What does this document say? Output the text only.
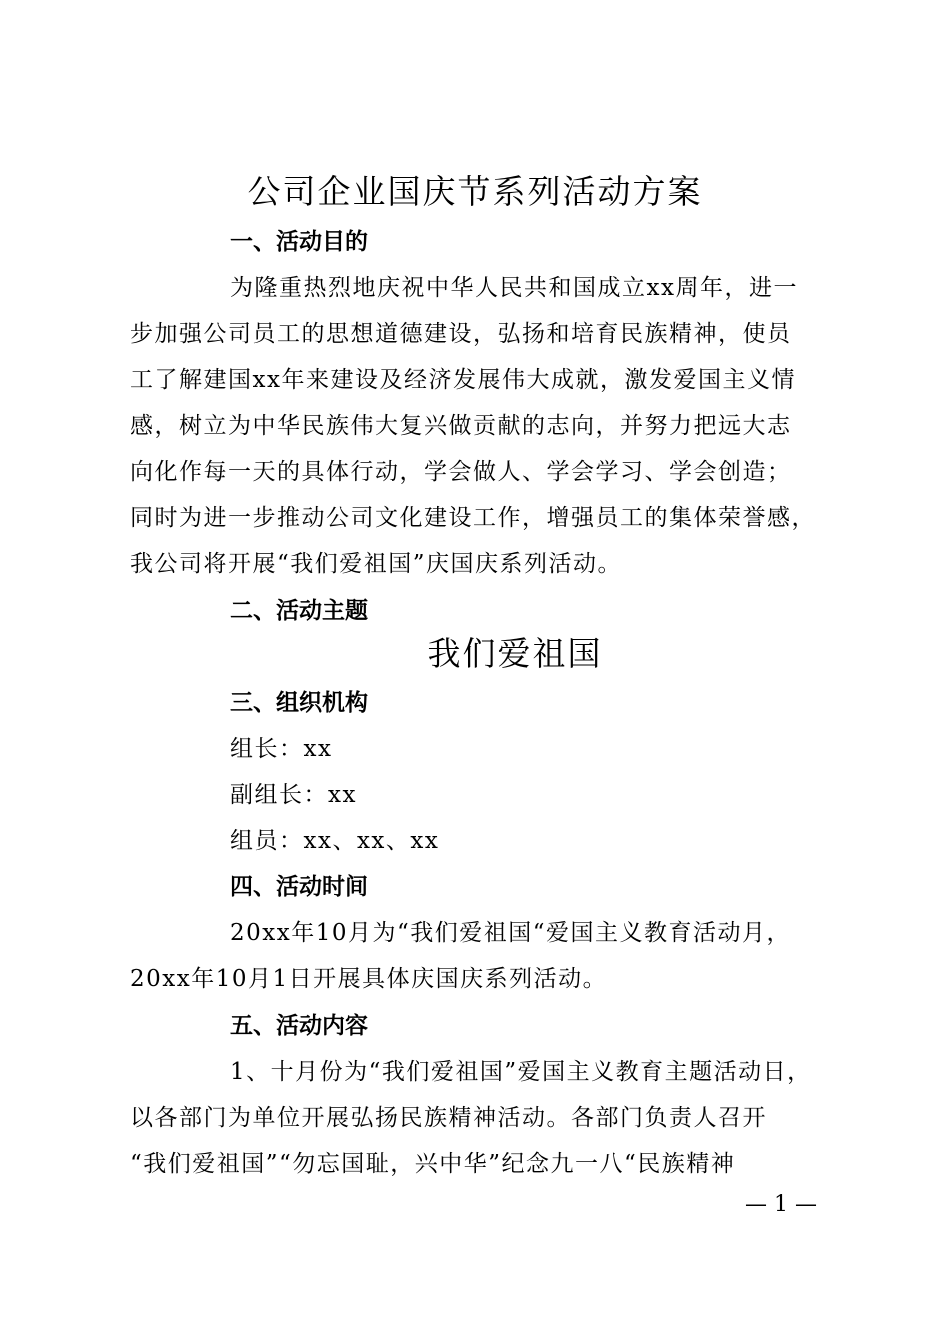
公司企业国庆节系列活动方案
一、活动目的
为隆重热烈地庆祝中华人民共和国成立xx周年，进一
步加强公司员工的思想道德建设，弘扬和培育民族精神，使员
工了解建国xx年来建设及经济发展伟大成就，激发爱国主义情
感，树立为中华民族伟大复兴做贡献的志向，并努力把远大志
向化作每一天的具体行动，学会做人、学会学习、学会创造；
同时为进一步推动公司文化建设工作，增强员工的集体荣誉感，
我公司将开展“我们爱祖国”庆国庆系列活动。
二、活动主题
我们爱祖国
三、组织机构
组长：xx
副组长：xx
组员：xx、xx、xx
四、活动时间
20xx年10月为“我们爱祖国“爱国主义教育活动月，
20xx年10月1日开展具体庆国庆系列活动。
五、活动内容
1、十月份为“我们爱祖国”爱国主义教育主题活动日，
以各部门为单位开展弘扬民族精神活动。各部门负责人召开
“我们爱祖国”“勿忘国耻，兴中华”纪念九一八“民族精神
— 1 —
